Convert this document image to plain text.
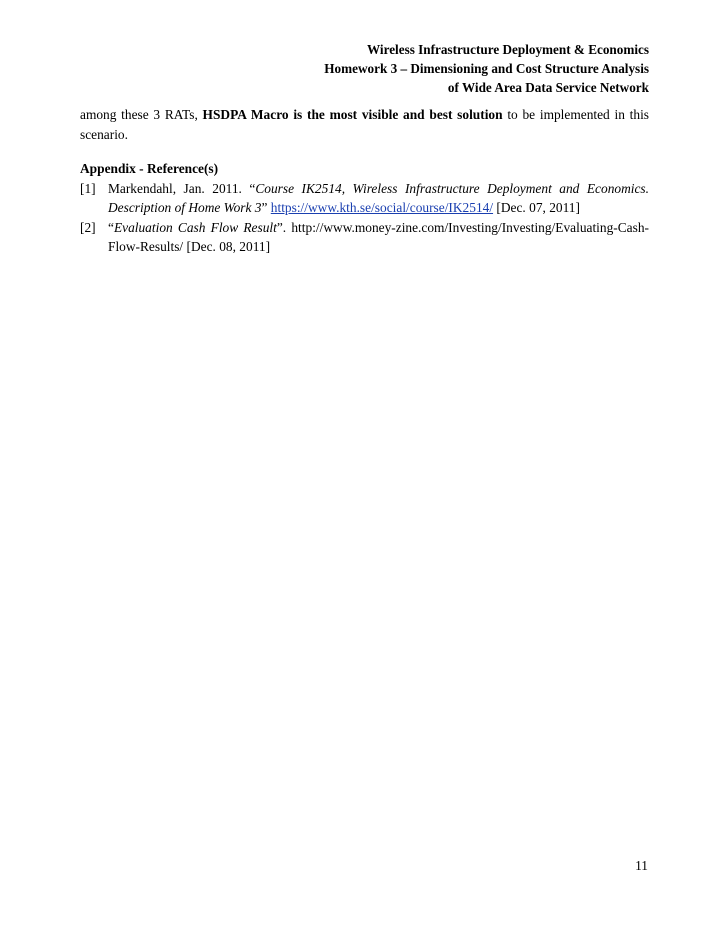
Wireless Infrastructure Deployment & Economics
Homework 3 – Dimensioning and Cost Structure Analysis
of Wide Area Data Service Network

among these 3 RATs, HSDPA Macro is the most visible and best solution to be implemented in this scenario.

Appendix - Reference(s)
[1] Markendahl, Jan. 2011. “Course IK2514, Wireless Infrastructure Deployment and Economics. Description of Home Work 3” https://www.kth.se/social/course/IK2514/ [Dec. 07, 2011]
[2] “Evaluation Cash Flow Result”. http://www.money-zine.com/Investing/Investing/Evaluating-Cash-Flow-Results/ [Dec. 08, 2011]
11
